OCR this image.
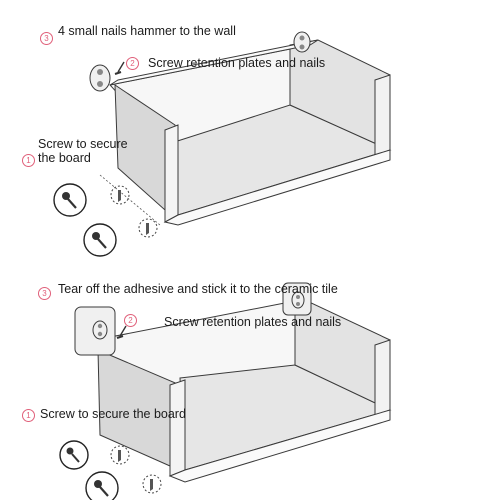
3
4 small nails hammer to the wall
2	Screw retention plates and nails
1
Screw to secure the board
3 Tear off the adhesive and stick it to the ceramic tile
2	Screw retention plates and nails
1 Screw to secure the board
